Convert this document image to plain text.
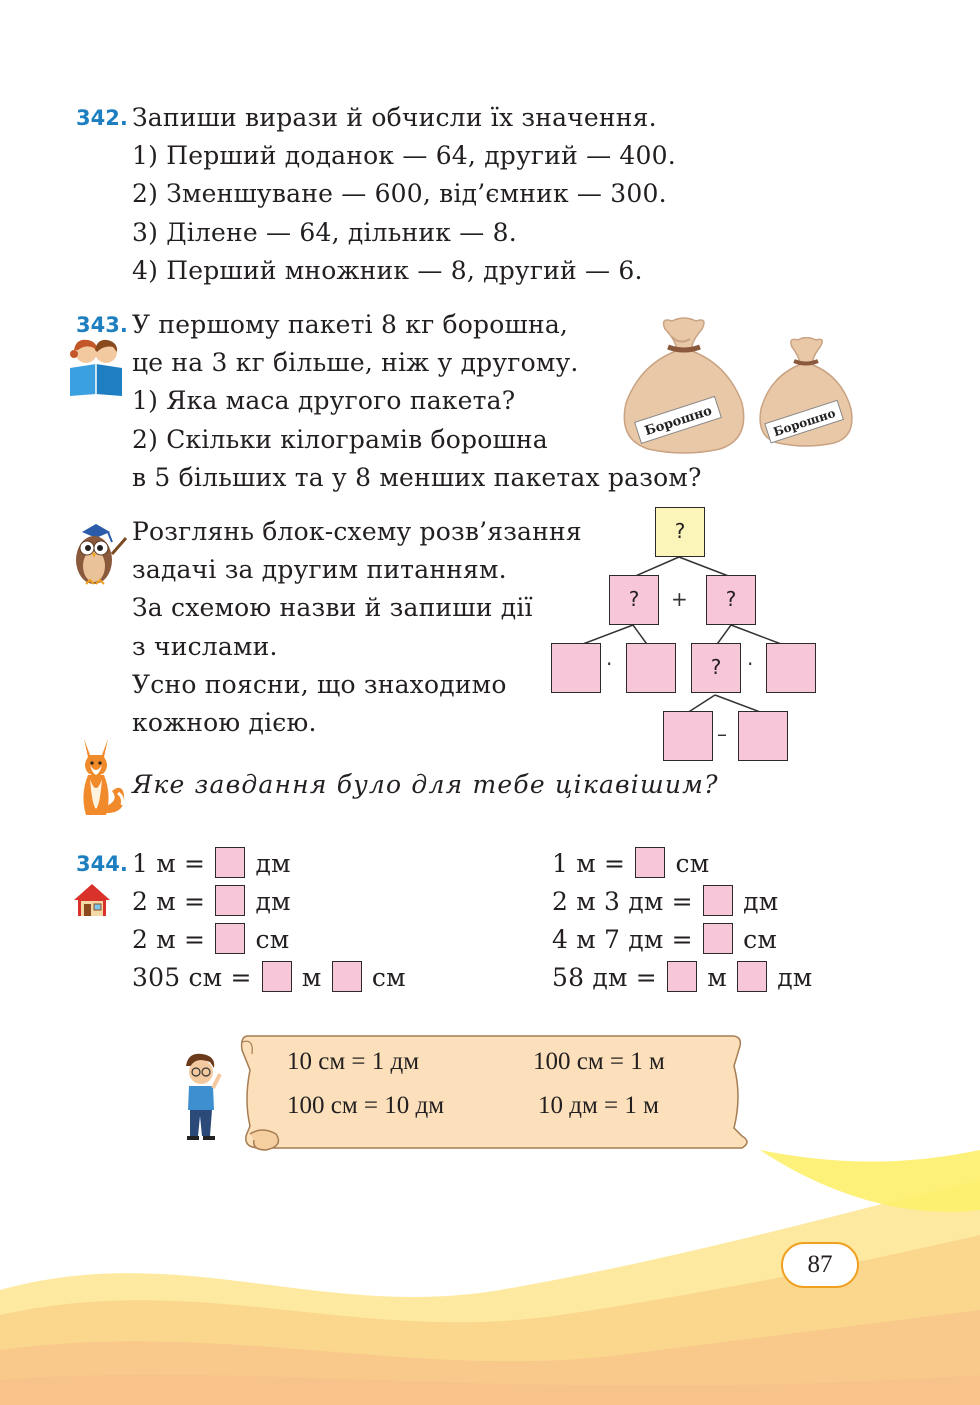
342. Запиши вирази й обчисли їх значення.
1) Перший доданок — 64, другий — 400.
2) Зменшуване — 600, від’ємник — 300.
3) Ділене — 64, дільник — 8.
4) Перший множник — 8, другий — 6.
343. У першому пакеті 8 кг борошна,
це на 3 кг більше, ніж у другому.
1) Яка маса другого пакета?
2) Скільки кілограмів борошна
в 5 більших та у 8 менших пакетах разом?
Борошно	Борошно
Розглянь блок-схему розв’язання
задачі за другим питанням.
За схемою назви й запиши дії
з числами.
Усно поясни, що знаходимо
кожною дією.
?
?	+	?
·	?	·
–
Яке завдання було для тебе цікавішим?
344. 1 м = дм
2 м = дм
2 м = см
305 см = м см
1 м = см
2 м 3 дм = дм
4 м 7 дм = см
58 дм = м дм
10 см = 1 дм	100 см = 1 м
100 см = 10 дм	10 дм = 1 м
87
